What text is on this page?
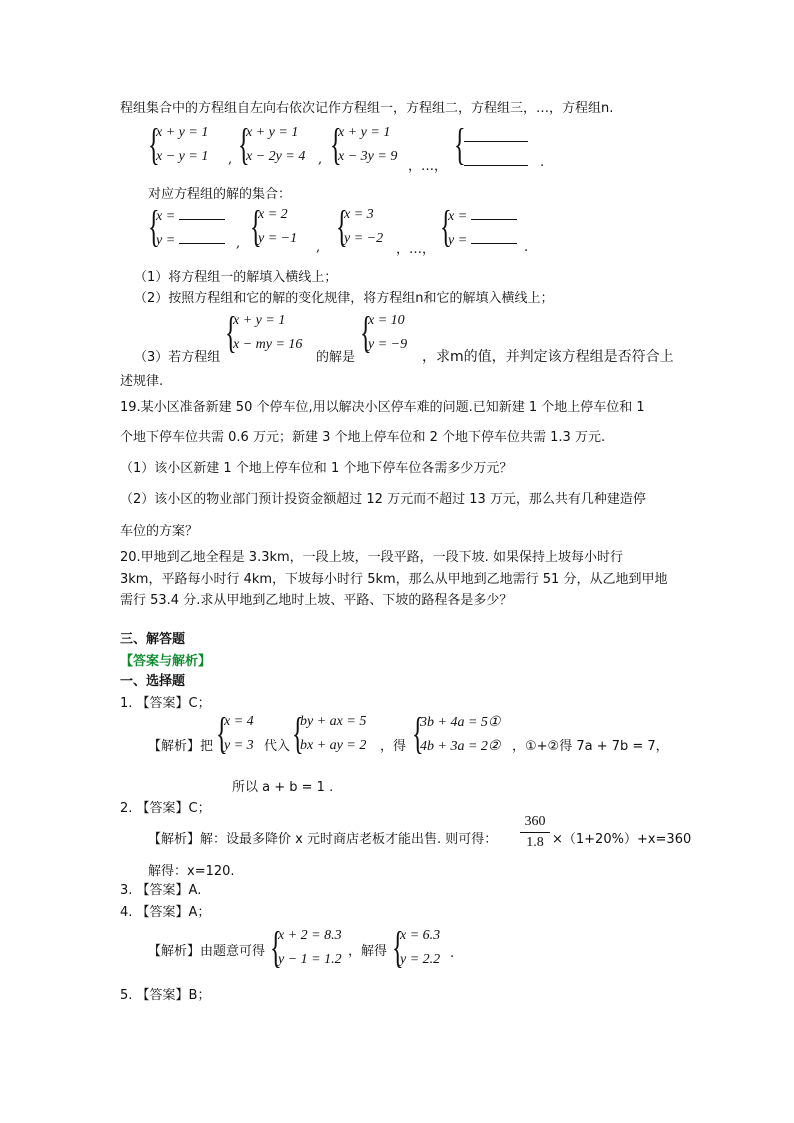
程组集合中的方程组自左向右依次记作方程组一，方程组二，方程组三，…，方程组n.
{
x + y = 1
x − y = 1 , {
x + y = 1
x − 2y = 4 , {
x + y = 1
x − 3y = 9
，…， {	.
对应方程组的解的集合：
{
x =
y =	, {
x = 2
y = −1
, {
x = 3
y = −2
，…， {
x =
y =	.
（1）将方程组一的解填入横线上；
（2）按照方程组和它的解的变化规律，将方程组n和它的解填入横线上；
（3）若方程组
{
x + y = 1
x − my = 16
的解是
{
x = 10
y = −9
，求m的值，并判定该方程组是否符合上
述规律.
19.某小区准备新建 50 个停车位,用以解决小区停车难的问题.已知新建 1 个地上停车位和 1
个地下停车位共需 0.6 万元；新建 3 个地上停车位和 2 个地下停车位共需 1.3 万元.
（1）该小区新建 1 个地上停车位和 1 个地下停车位各需多少万元？
（2）该小区的物业部门预计投资金额超过 12 万元而不超过 13 万元，那么共有几种建造停
车位的方案？
20.甲地到乙地全程是 3.3km，一段上坡，一段平路，一段下坡. 如果保持上坡每小时行
3km，平路每小时行 4km，下坡每小时行 5km，那么从甲地到乙地需行 51 分，从乙地到甲地
需行 53.4 分.求从甲地到乙地时上坡、平路、下坡的路程各是多少？
三、解答题
【答案与解析】
一、选择题
1. 【答案】C；
【解析】把 {
x = 4
y = 3 代入 {
by + ax = 5
bx + ay = 2 ，得 {
3b + 4a = 5①
4b + 3a = 2② ，①+②得 7a + 7b = 7，
所以 a + b = 1 .
2. 【答案】C；
【解析】解：设最多降价 x 元时商店老板才能出售. 则可得：
360
1.8 ×（1+20%）+x=360
解得：x=120.
3. 【答案】A.
4. 【答案】A；
【解析】由题意可得 {
x + 2 = 8.3
y − 1 = 1.2
，解得 {
x = 6.3
y = 2.2 .
5. 【答案】B；
